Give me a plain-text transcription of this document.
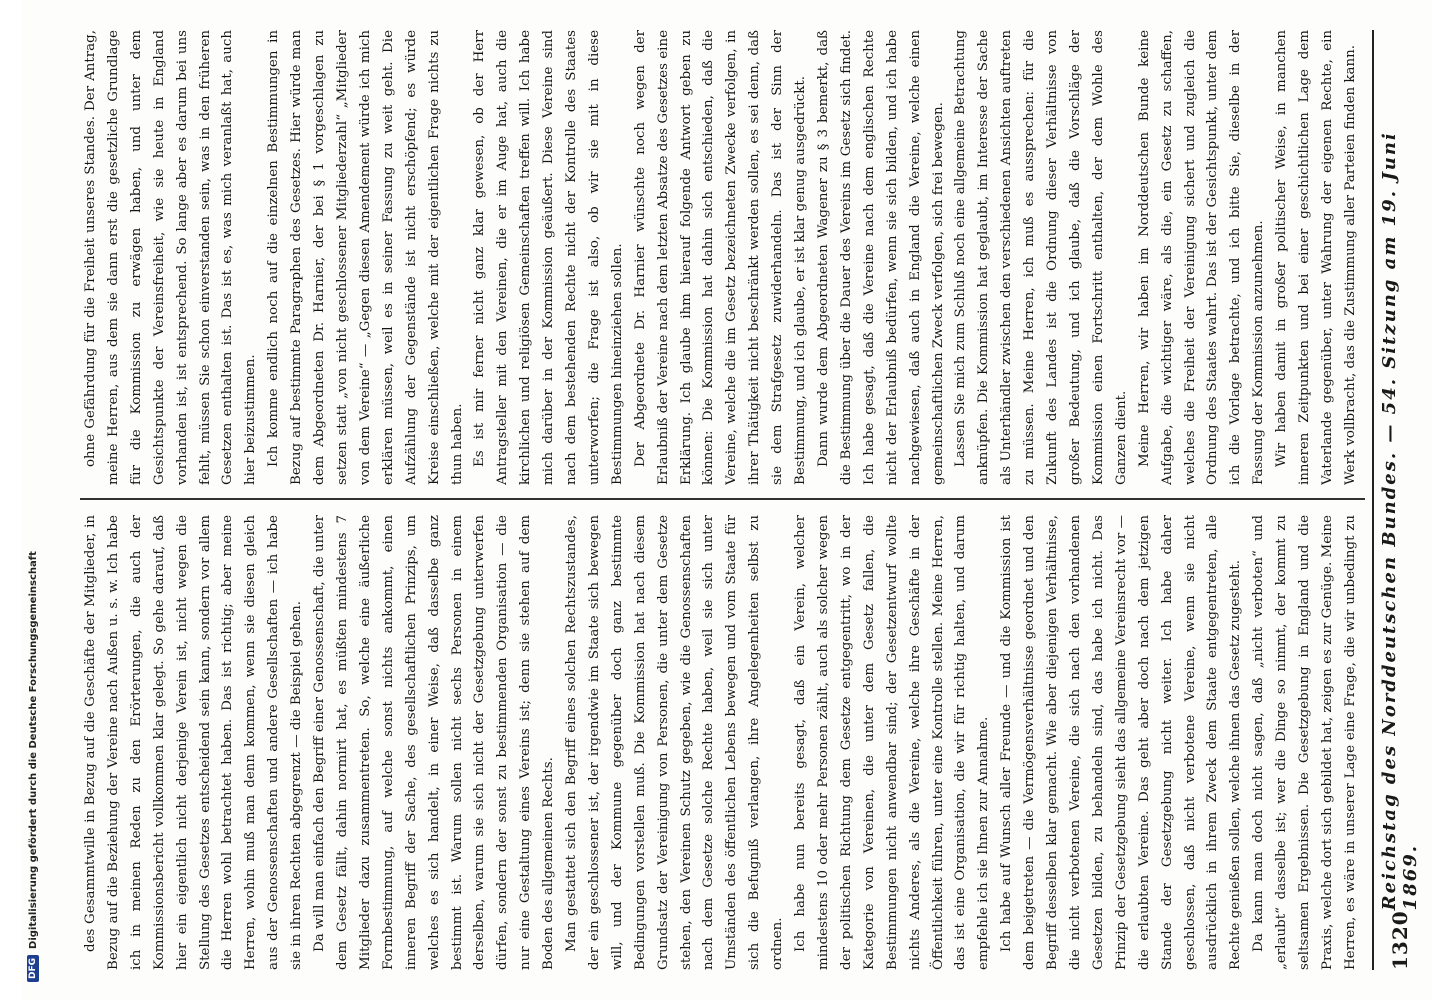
DFG
Digitalisierung gefördert durch die Deutsche Forschungsgemeinschaft	des Gesammtwille in Bezug auf die Geschäfte der Mitglieder, in Bezug auf die Beziehung der Vereine nach Außen u. s. w. Ich habe ich in meinen Reden zu den Erörterungen, die auch der Kommissionsbericht vollkommen klar gelegt. So gehe darauf, daß hier ein eigentlich nicht derjenige Verein ist, nicht wegen die Stellung des Gesetzes entscheidend sein kann, sondern vor allem die Herren wohl betrachtet haben. Das ist richtig; aber meine Herren, wohin muß man denn kommen, wenn sie diesen gleich aus der Genossenschaften und andere Gesellschaften — ich habe sie in ihren Rechten abgegrenzt — die Beispiel gehen. Da will man einfach den Begriff einer Genossenschaft, die unter dem Gesetz fällt, dahin normirt hat, es müßten mindestens 7 Mitglieder dazu zusammentreten. So, welche eine äußerliche Formbestimmung, auf welche sonst nichts ankommt, einen inneren Begriff der Sache, des gesellschaftlichen Prinzips, um welches es sich handelt, in einer Weise, daß dasselbe ganz bestimmt ist. Warum sollen nicht sechs Personen in einem derselben, warum sie sich nicht der Gesetzgebung unterwerfen dürfen, sondern der sonst zu bestimmenden Organisation — die nur eine Gestaltung eines Vereins ist; denn sie stehen auf dem Boden des allgemeinen Rechts. Man gestattet sich den Begriff eines solchen Rechtszustandes, der ein geschlossener ist, der irgendwie im Staate sich bewegen will, und der Kommune gegenüber doch ganz bestimmte Bedingungen vorstellen muß. Die Kommission hat nach diesem Grundsatz der Vereinigung von Personen, die unter dem Gesetze stehen, den Vereinen Schutz gegeben, wie die Genossenschaften nach dem Gesetze solche Rechte haben, weil sie sich unter Umständen des öffentlichen Lebens bewegen und vom Staate für sich die Befugniß verlangen, ihre Angelegenheiten selbst zu ordnen. Ich habe nun bereits gesagt, daß ein Verein, welcher mindestens 10 oder mehr Personen zählt, auch als solcher wegen der politischen Richtung dem Gesetze entgegentritt, wo in der Kategorie von Vereinen, die unter dem Gesetz fallen, die Bestimmungen nicht anwendbar sind; der Gesetzentwurf wollte nichts Anderes, als die Vereine, welche ihre Geschäfte in der Öffentlichkeit führen, unter eine Kontrolle stellen. Meine Herren, das ist eine Organisation, die wir für richtig halten, und darum empfehle ich sie Ihnen zur Annahme. Ich habe auf Wunsch aller Freunde — und die Kommission ist dem beigetreten — die Vermögensverhältnisse geordnet und den Begriff desselben klar gemacht. Wie aber diejenigen Verhältnisse, die nicht verbotenen Vereine, die sich nach den vorhandenen Gesetzen bilden, zu behandeln sind, das habe ich nicht. Das Prinzip der Gesetzgebung sieht das allgemeine Vereinsrecht vor — die erlaubten Vereine. Das geht aber doch nach dem jetzigen Stande der Gesetzgebung nicht weiter. Ich habe daher geschlossen, daß nicht verbotene Vereine, wenn sie nicht ausdrücklich in ihrem Zweck dem Staate entgegentreten, alle Rechte genießen sollen, welche ihnen das Gesetz zugesteht. Da kann man doch nicht sagen, daß „nicht verboten“ und „erlaubt“ dasselbe ist; wer die Dinge so nimmt, der kommt zu seltsamen Ergebnissen. Die Gesetzgebung in England und die Praxis, welche dort sich gebildet hat, zeigen es zur Genüge. Meine Herren, es wäre in unserer Lage eine Frage, die wir unbedingt zu

ohne Gefährdung für die Freiheit unseres Standes. Der Antrag, meine Herren, aus dem sie dann erst die gesetzliche Grundlage für die Kommission zu erwägen haben, und unter dem Gesichtspunkte der Vereinsfreiheit, wie sie heute in England vorhanden ist, ist entsprechend. So lange aber es darum bei uns fehlt, müssen Sie schon einverstanden sein, was in den früheren Gesetzen enthalten ist. Das ist es, was mich veranlaßt hat, auch hier beizustimmen. Ich komme endlich noch auf die einzelnen Bestimmungen in Bezug auf bestimmte Paragraphen des Gesetzes. Hier würde man dem Abgeordneten Dr. Harnier, der bei § 1 vorgeschlagen zu setzen statt „von nicht geschlossener Mitgliederzahl“ „Mitglieder von dem Vereine“ — „Gegen diesen Amendement würde ich mich erklären müssen, weil es in seiner Fassung zu weit geht. Die Aufzählung der Gegenstände ist nicht erschöpfend; es würde Kreise einschließen, welche mit der eigentlichen Frage nichts zu thun haben. Es ist mir ferner nicht ganz klar gewesen, ob der Herr Antragsteller mit den Vereinen, die er im Auge hat, auch die kirchlichen und religiösen Gemeinschaften treffen will. Ich habe mich darüber in der Kommission geäußert. Diese Vereine sind nach dem bestehenden Rechte nicht der Kontrolle des Staates unterworfen; die Frage ist also, ob wir sie mit in diese Bestimmungen hineinziehen sollen. Der Abgeordnete Dr. Harnier wünschte noch wegen der Erlaubniß der Vereine nach dem letzten Absatze des Gesetzes eine Erklärung. Ich glaube ihm hierauf folgende Antwort geben zu können: Die Kommission hat dahin sich entschieden, daß die Vereine, welche die im Gesetz bezeichneten Zwecke verfolgen, in ihrer Thätigkeit nicht beschränkt werden sollen, es sei denn, daß sie dem Strafgesetz zuwiderhandeln. Das ist der Sinn der Bestimmung, und ich glaube, er ist klar genug ausgedrückt. Dann wurde dem Abgeordneten Wagener zu § 3 bemerkt, daß die Bestimmung über die Dauer des Vereins im Gesetz sich findet. Ich habe gesagt, daß die Vereine nach dem englischen Rechte nicht der Erlaubniß bedürfen, wenn sie sich bilden, und ich habe nachgewiesen, daß auch in England die Vereine, welche einen gemeinschaftlichen Zweck verfolgen, sich frei bewegen. Lassen Sie mich zum Schluß noch eine allgemeine Betrachtung anknüpfen. Die Kommission hat geglaubt, im Interesse der Sache als Unterhändler zwischen den verschiedenen Ansichten auftreten zu müssen. Meine Herren, ich muß es aussprechen: für die Zukunft des Landes ist die Ordnung dieser Verhältnisse von großer Bedeutung, und ich glaube, daß die Vorschläge der Kommission einen Fortschritt enthalten, der dem Wohle des Ganzen dient. Meine Herren, wir haben im Norddeutschen Bunde keine Aufgabe, die wichtiger wäre, als die, ein Gesetz zu schaffen, welches die Freiheit der Vereinigung sichert und zugleich die Ordnung des Staates wahrt. Das ist der Gesichtspunkt, unter dem ich die Vorlage betrachte, und ich bitte Sie, dieselbe in der Fassung der Kommission anzunehmen. Wir haben damit in großer politischer Weise, in manchen inneren Zeitpunkten und bei einer geschichtlichen Lage dem Vaterlande gegenüber, unter Wahrung der eigenen Rechte, ein Werk vollbracht, das die Zustimmung aller Parteien finden kann.

1320
Reichstag des Norddeutschen Bundes. — 54. Sitzung am 19. Juni 1869.
